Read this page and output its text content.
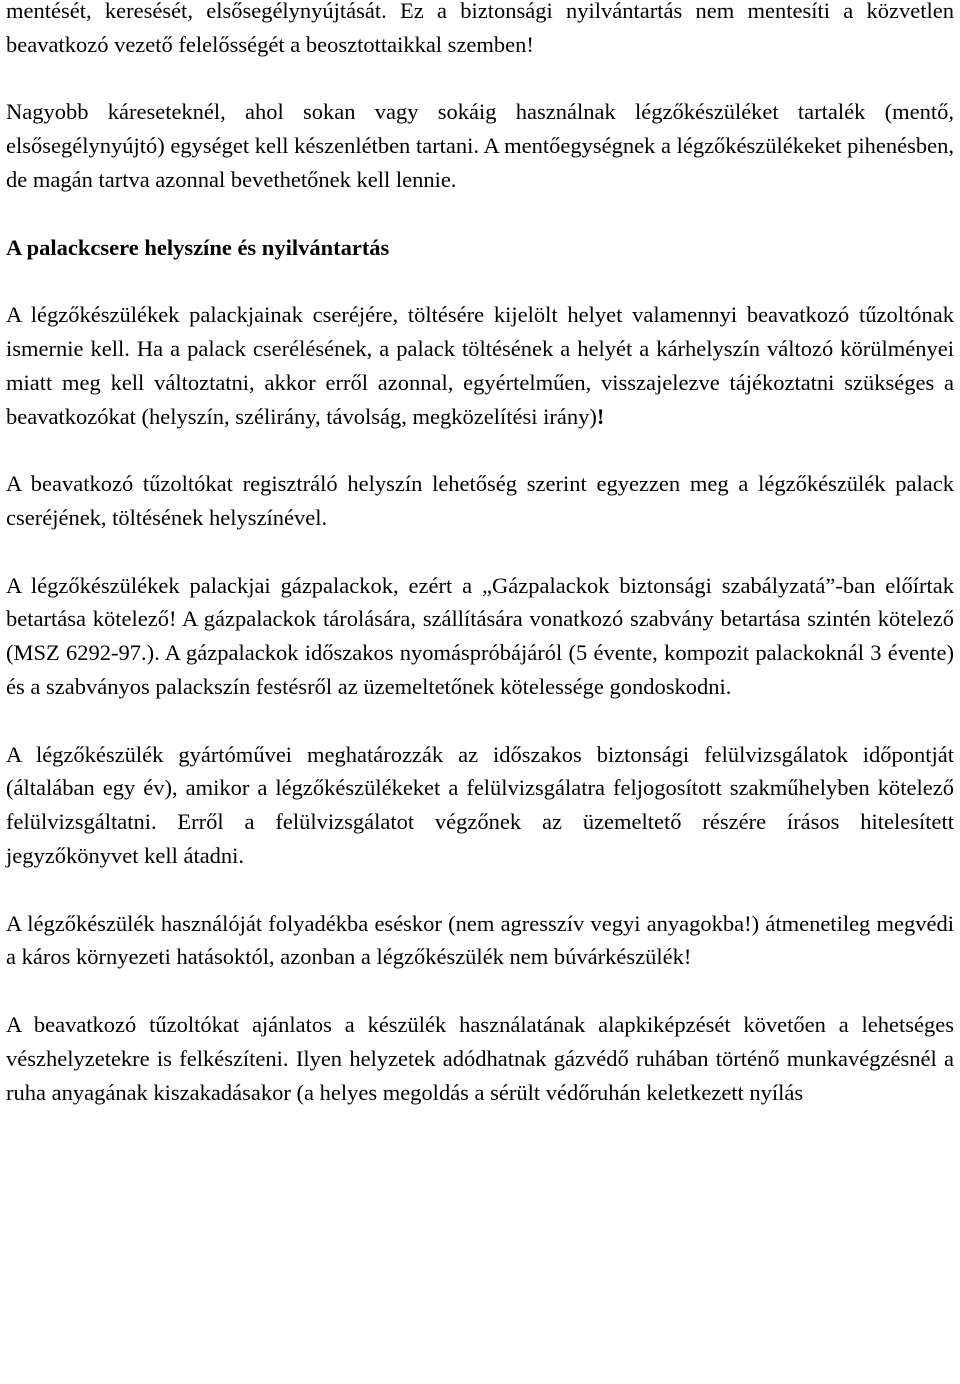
mentését, keresését, elsősegélynyújtását. Ez a biztonsági nyilvántartás nem mentesíti a közvetlen beavatkozó vezető felelősségét a beosztottaikkal szemben!

Nagyobb káreseteknél, ahol sokan vagy sokáig használnak légzőkészüléket tartalék (mentő, elsősegélynyújtó) egységet kell készenlétben tartani. A mentőegységnek a légzőkészülékeket pihenésben, de magán tartva azonnal bevethetőnek kell lennie.

A palackcsere helyszíne és nyilvántartás

A légzőkészülékek palackjainak cseréjére, töltésére kijelölt helyet valamennyi beavatkozó tűzoltónak ismernie kell. Ha a palack cserélésének, a palack töltésének a helyét a kárhelyszín változó körülményei miatt meg kell változtatni, akkor erről azonnal, egyértelműen, visszajelezve tájékoztatni szükséges a beavatkozókat (helyszín, szélirány, távolság, megközelítési irány)!

A beavatkozó tűzoltókat regisztráló helyszín lehetőség szerint egyezzen meg a légzőkészülék palack cseréjének, töltésének helyszínével.

A légzőkészülékek palackjai gázpalackok, ezért a „Gázpalackok biztonsági szabályzatá”-ban előírtak betartása kötelező! A gázpalackok tárolására, szállítására vonatkozó szabvány betartása szintén kötelező (MSZ 6292-97.). A gázpalackok időszakos nyomáspróbájáról (5 évente, kompozit palackoknál 3 évente) és a szabványos palackszín festésről az üzemeltetőnek kötelessége gondoskodni.

A légzőkészülék gyártóművei meghatározzák az időszakos biztonsági felülvizsgálatok időpontját (általában egy év), amikor a légzőkészülékeket a felülvizsgálatra feljogosított szakműhelyben kötelező felülvizsgáltatni. Erről a felülvizsgálatot végzőnek az üzemeltető részére írásos hitelesített jegyzőkönyvet kell átadni.

A légzőkészülék használóját folyadékba eséskor (nem agresszív vegyi anyagokba!) átmenetileg megvédi a káros környezeti hatásoktól, azonban a légzőkészülék nem búvárkészülék!

A beavatkozó tűzoltókat ajánlatos a készülék használatának alapkiképzését követően a lehetséges vészhelyzetekre is felkészíteni. Ilyen helyzetek adódhatnak gázvédő ruhában történő munkavégzésnél a ruha anyagának kiszakadásakor (a helyes megoldás a sérült védőruhán keletkezett nyílás
